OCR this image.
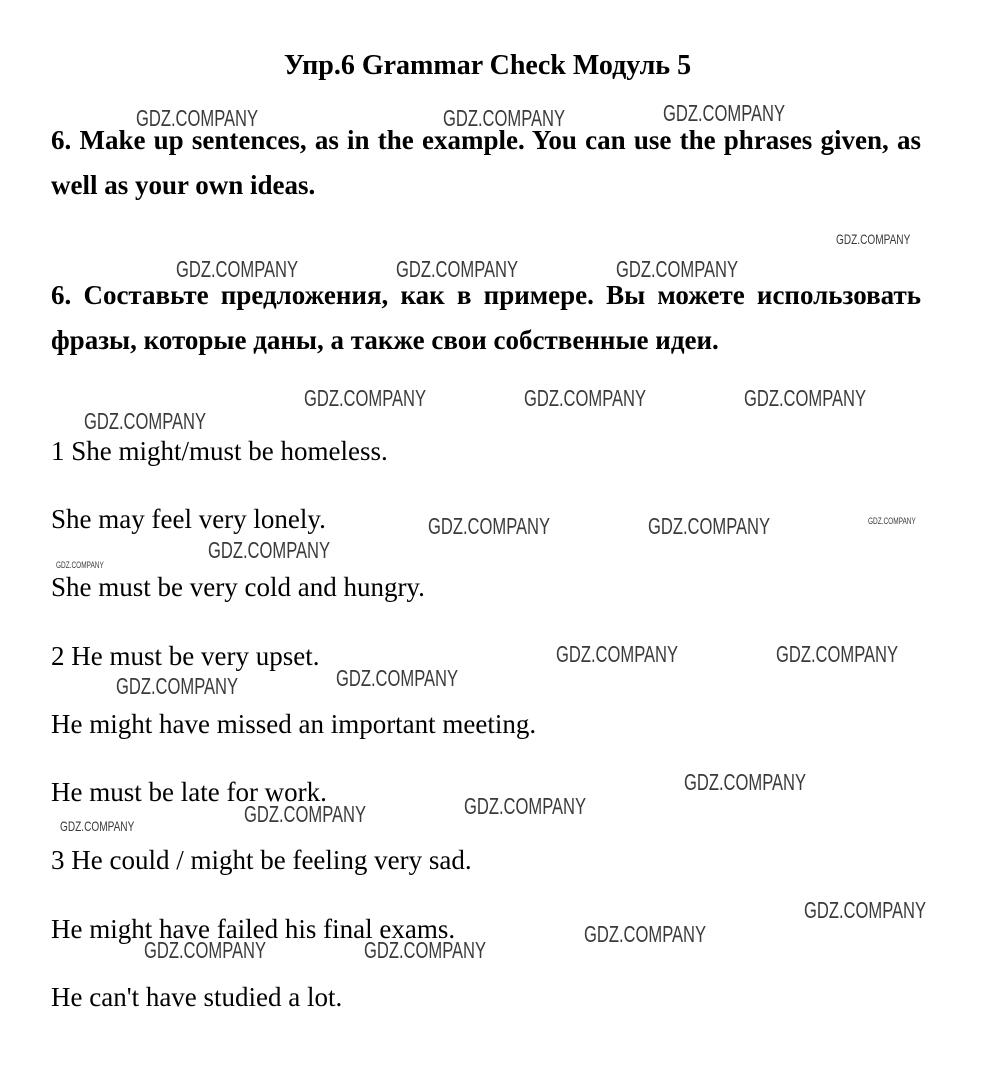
Упр.6 Grammar Check Модуль 5
6. Make up sentences, as in the example. You can use the phrases given, as well as your own ideas.
6. Составьте предложения, как в примере. Вы можете использовать фразы, которые даны, а также свои собственные идеи.
1 She might/must be homeless.
She may feel very lonely.
She must be very cold and hungry.
2 He must be very upset.
He might have missed an important meeting.
He must be late for work.
3 He could / might be feeling very sad.
He might have failed his final exams.
He can't have studied a lot.
GDZ.COMPANY	GDZ.COMPANY	GDZ.COMPANY
GDZ.COMPANY
GDZ.COMPANY	GDZ.COMPANY	GDZ.COMPANY
GDZ.COMPANY	GDZ.COMPANY	GDZ.COMPANY
GDZ.COMPANY
GDZ.COMPANY	GDZ.COMPANY	GDZ.COMPANY
GDZ.COMPANY
GDZ.COMPANY
GDZ.COMPANY	GDZ.COMPANY
GDZ.COMPANY
GDZ.COMPANY
GDZ.COMPANY
GDZ.COMPANY
GDZ.COMPANY
GDZ.COMPANY
GDZ.COMPANY
GDZ.COMPANY
GDZ.COMPANY	GDZ.COMPANY
